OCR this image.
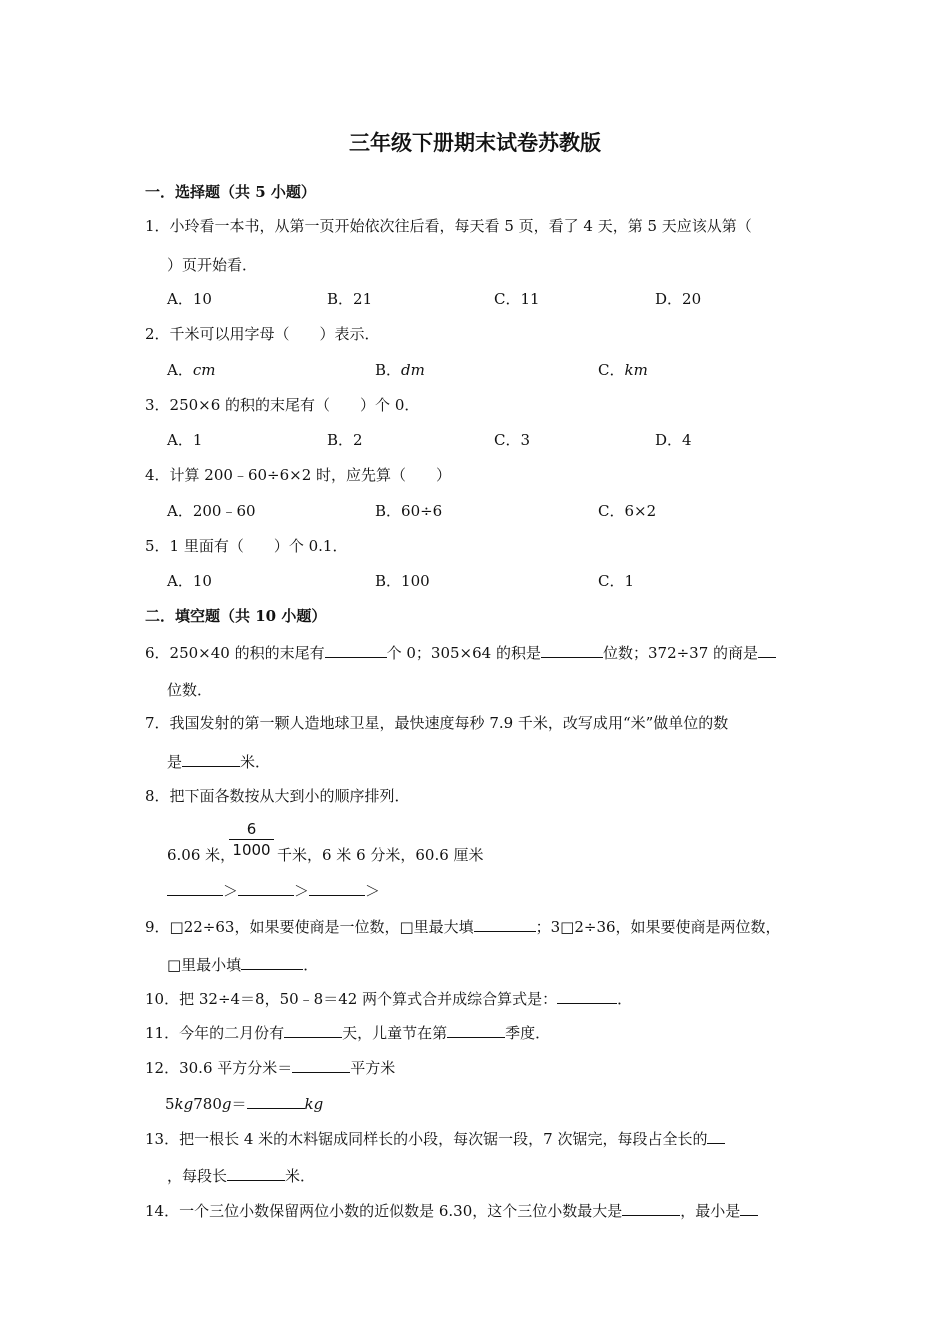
三年级下册期末试卷苏教版
一．选择题（共 5 小题）
1．小玲看一本书，从第一页开始依次往后看，每天看 5 页，看了 4 天，第 5 天应该从第（
）页开始看．
A．10	B．21	C．11	D．20
2．千米可以用字母（　　）表示．
A．cm	B．dm	C．km
3．250×6 的积的末尾有（　　）个 0．
A．1	B．2	C．3	D．4
4．计算 200﹣60÷6×2 时，应先算（　　）
A．200﹣60	B．60÷6	C．6×2
5．1 里面有（　　）个 0.1．
A．10	B．100	C．1
二．填空题（共 10 小题）
6．250×40 的积的末尾有	个 0；305×64 的积是	位数；372÷37 的商是
位数．
7．我国发射的第一颗人造地球卫星，最快速度每秒 7.9 千米，改写成用“米”做单位的数
是	米．
8．把下面各数按从大到小的顺序排列．
6
1000
6.06 米，	千米，6 米 6 分米，60.6 厘米
＞	＞	＞
9．□22÷63，如果要使商是一位数，□里最大填	；3□2÷36，如果要使商是两位数，
□里最小填	．
10．把 32÷4＝8，50﹣8＝42 两个算式合并成综合算式是：	．
11．今年的二月份有	天，儿童节在第	季度．
12．30.6 平方分米＝	平方米
5kg780g＝	kg
13．把一根长 4 米的木料锯成同样长的小段，每次锯一段，7 次锯完，每段占全长的
，每段长	米．
14．一个三位小数保留两位小数的近似数是 6.30，这个三位小数最大是	，最小是
